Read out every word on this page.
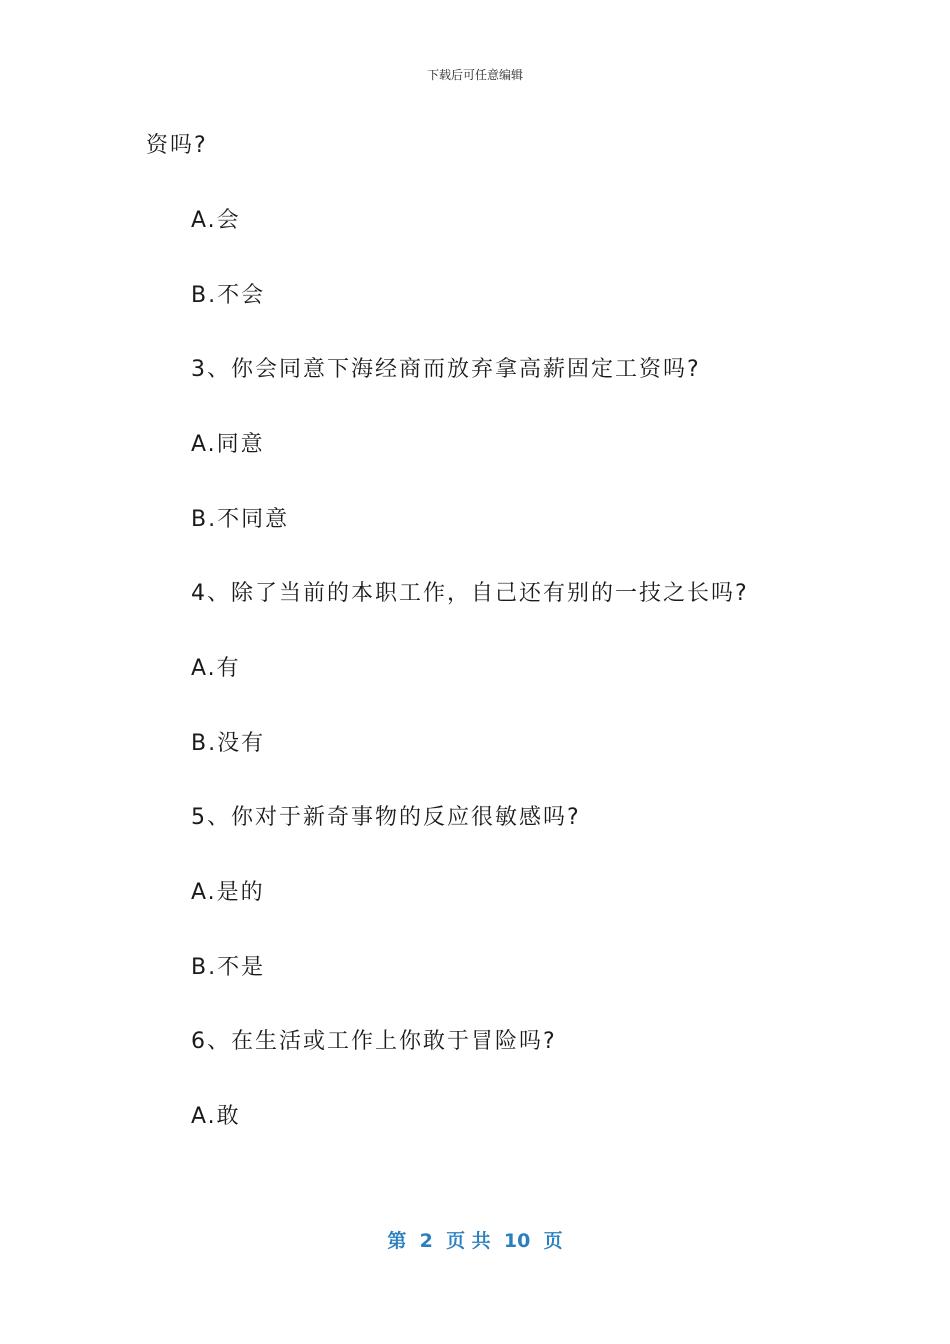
下载后可任意编辑
资吗?
A.会
B.不会
3、你会同意下海经商而放弃拿高薪固定工资吗?
A.同意
B.不同意
4、除了当前的本职工作，自己还有别的一技之长吗?
A.有
B.没有
5、你对于新奇事物的反应很敏感吗?
A.是的
B.不是
6、在生活或工作上你敢于冒险吗?
A.敢
第  2  页 共  10  页
